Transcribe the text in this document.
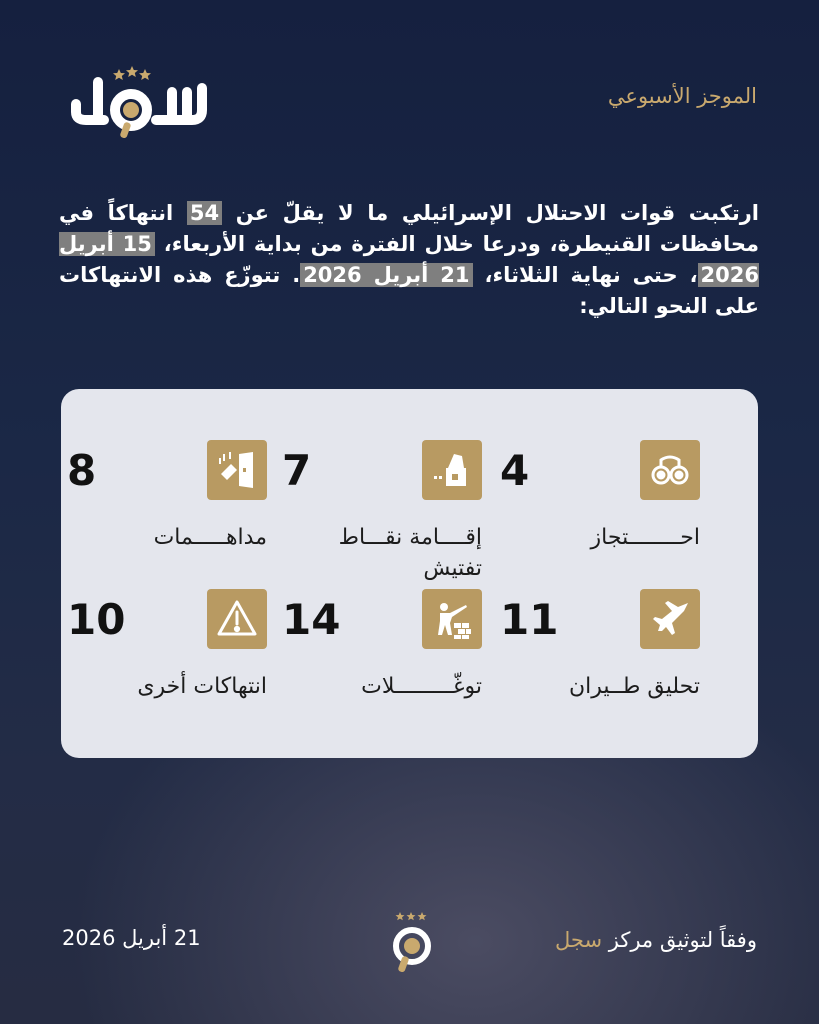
الموجز الأسبوعي

ارتكبت قوات الاحتلال الإسرائيلي ما لا يقلّ عن 54 انتهاكاً في محافظات القنيطرة، ودرعا خلال الفترة من بداية الأربعاء، 15 أبريل 2026، حتى نهاية الثلاثاء، 21 أبريل 2026. تتوزّع هذه الانتهاكات على النحو التالي:

4
احــــــــتجاز
7
إقــــامة نقـــاط تفتيش
8
مداهـــــمات
11
تحليق طــيران
14
توغّـــــــــلات
10
انتهاكات أخرى
21 أبريل 2026	وفقاً لتوثيق مركز سجل
